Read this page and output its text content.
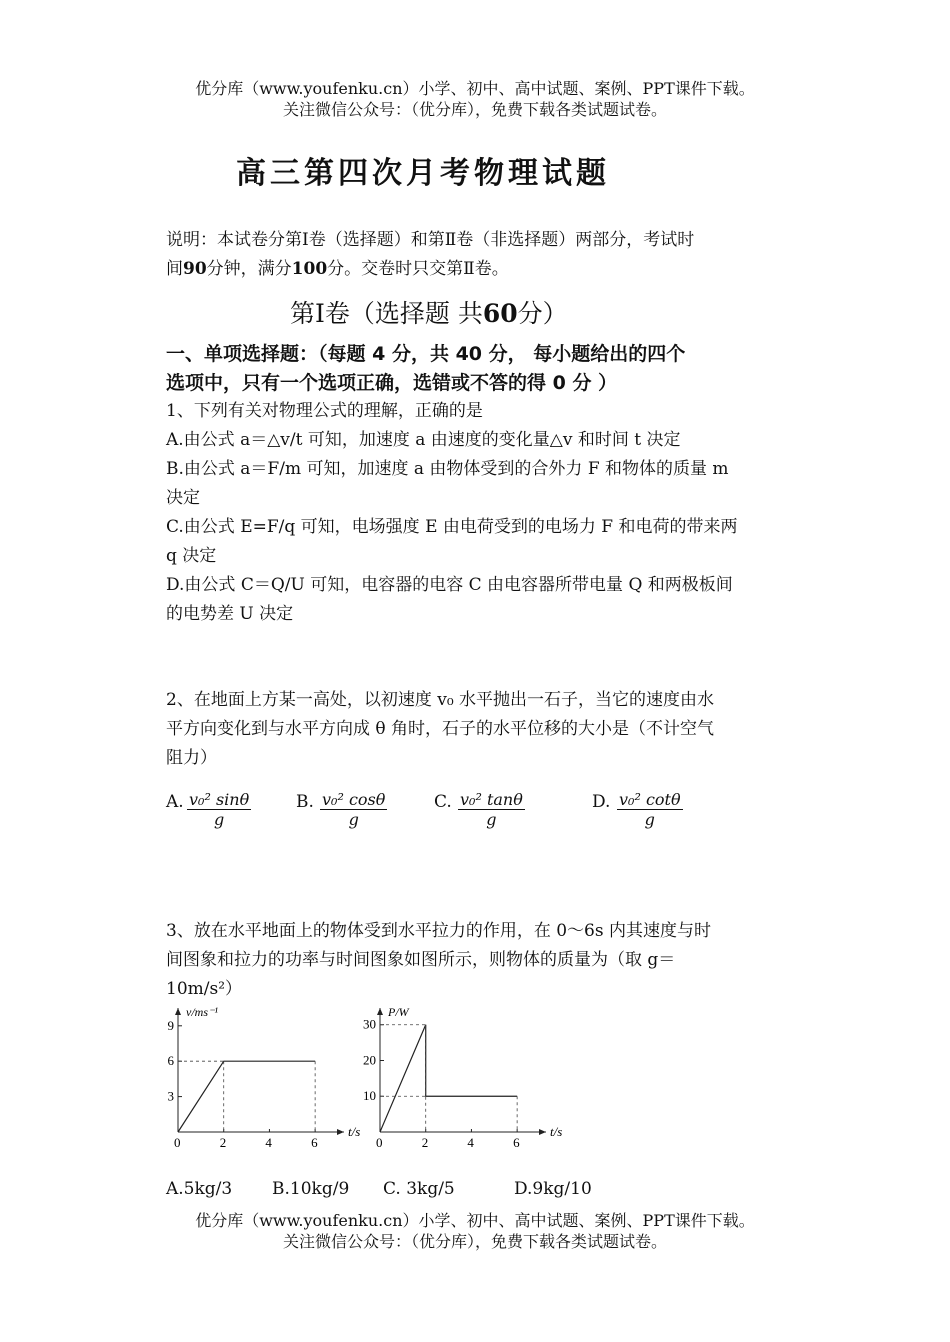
优分库（www.youfenku.cn）小学、初中、高中试题、案例、PPT课件下载。
关注微信公众号：（优分库），免费下载各类试题试卷。
高三第四次月考物理试题
说明：本试卷分第Ⅰ卷（选择题）和第Ⅱ卷（非选择题）两部分，考试时
间90分钟，满分100分。交卷时只交第Ⅱ卷。
第Ⅰ卷（选择题 共60分）
一、单项选择题：（每题 4 分，共 40 分， 每小题给出的四个
选项中，只有一个选项正确，选错或不答的得 0 分 ）
1、下列有关对物理公式的理解，正确的是
A.由公式 a＝△v/t 可知，加速度 a 由速度的变化量△v 和时间 t 决定
B.由公式 a＝F/m 可知，加速度 a 由物体受到的合外力 F 和物体的质量 m
决定
C.由公式 E=F/q 可知，电场强度 E 由电荷受到的电场力 F 和电荷的带来两
q 决定
D.由公式 C＝Q/U 可知，电容器的电容 C 由电容器所带电量 Q 和两极板间
的电势差 U 决定
2、在地面上方某一高处，以初速度 v₀ 水平抛出一石子，当它的速度由水
平方向变化到与水平方向成 θ 角时，石子的水平位移的大小是（不计空气
阻力）
A. $\frac{\text{v₀² sinθ}}{g}$	B. $\frac{\text{v₀² cosθ}}{g}$	C. $\frac{\text{v₀² tanθ}}{g}$	D. $\frac{\text{v₀² cotθ}}{g}$
3、放在水平地面上的物体受到水平拉力的作用，在 0～6s 内其速度与时
间图象和拉力的功率与时间图象如图所示，则物体的质量为（取 g＝
10m/s²）
t/s
v/ms⁻¹
0	2	4	6
3
6
9
t/s
P/W
0	2	4	6
10
20
30
A.5kg/3 B.10kg/9 C. 3kg/5	D.9kg/10
优分库（www.youfenku.cn）小学、初中、高中试题、案例、PPT课件下载。
关注微信公众号：（优分库），免费下载各类试题试卷。
